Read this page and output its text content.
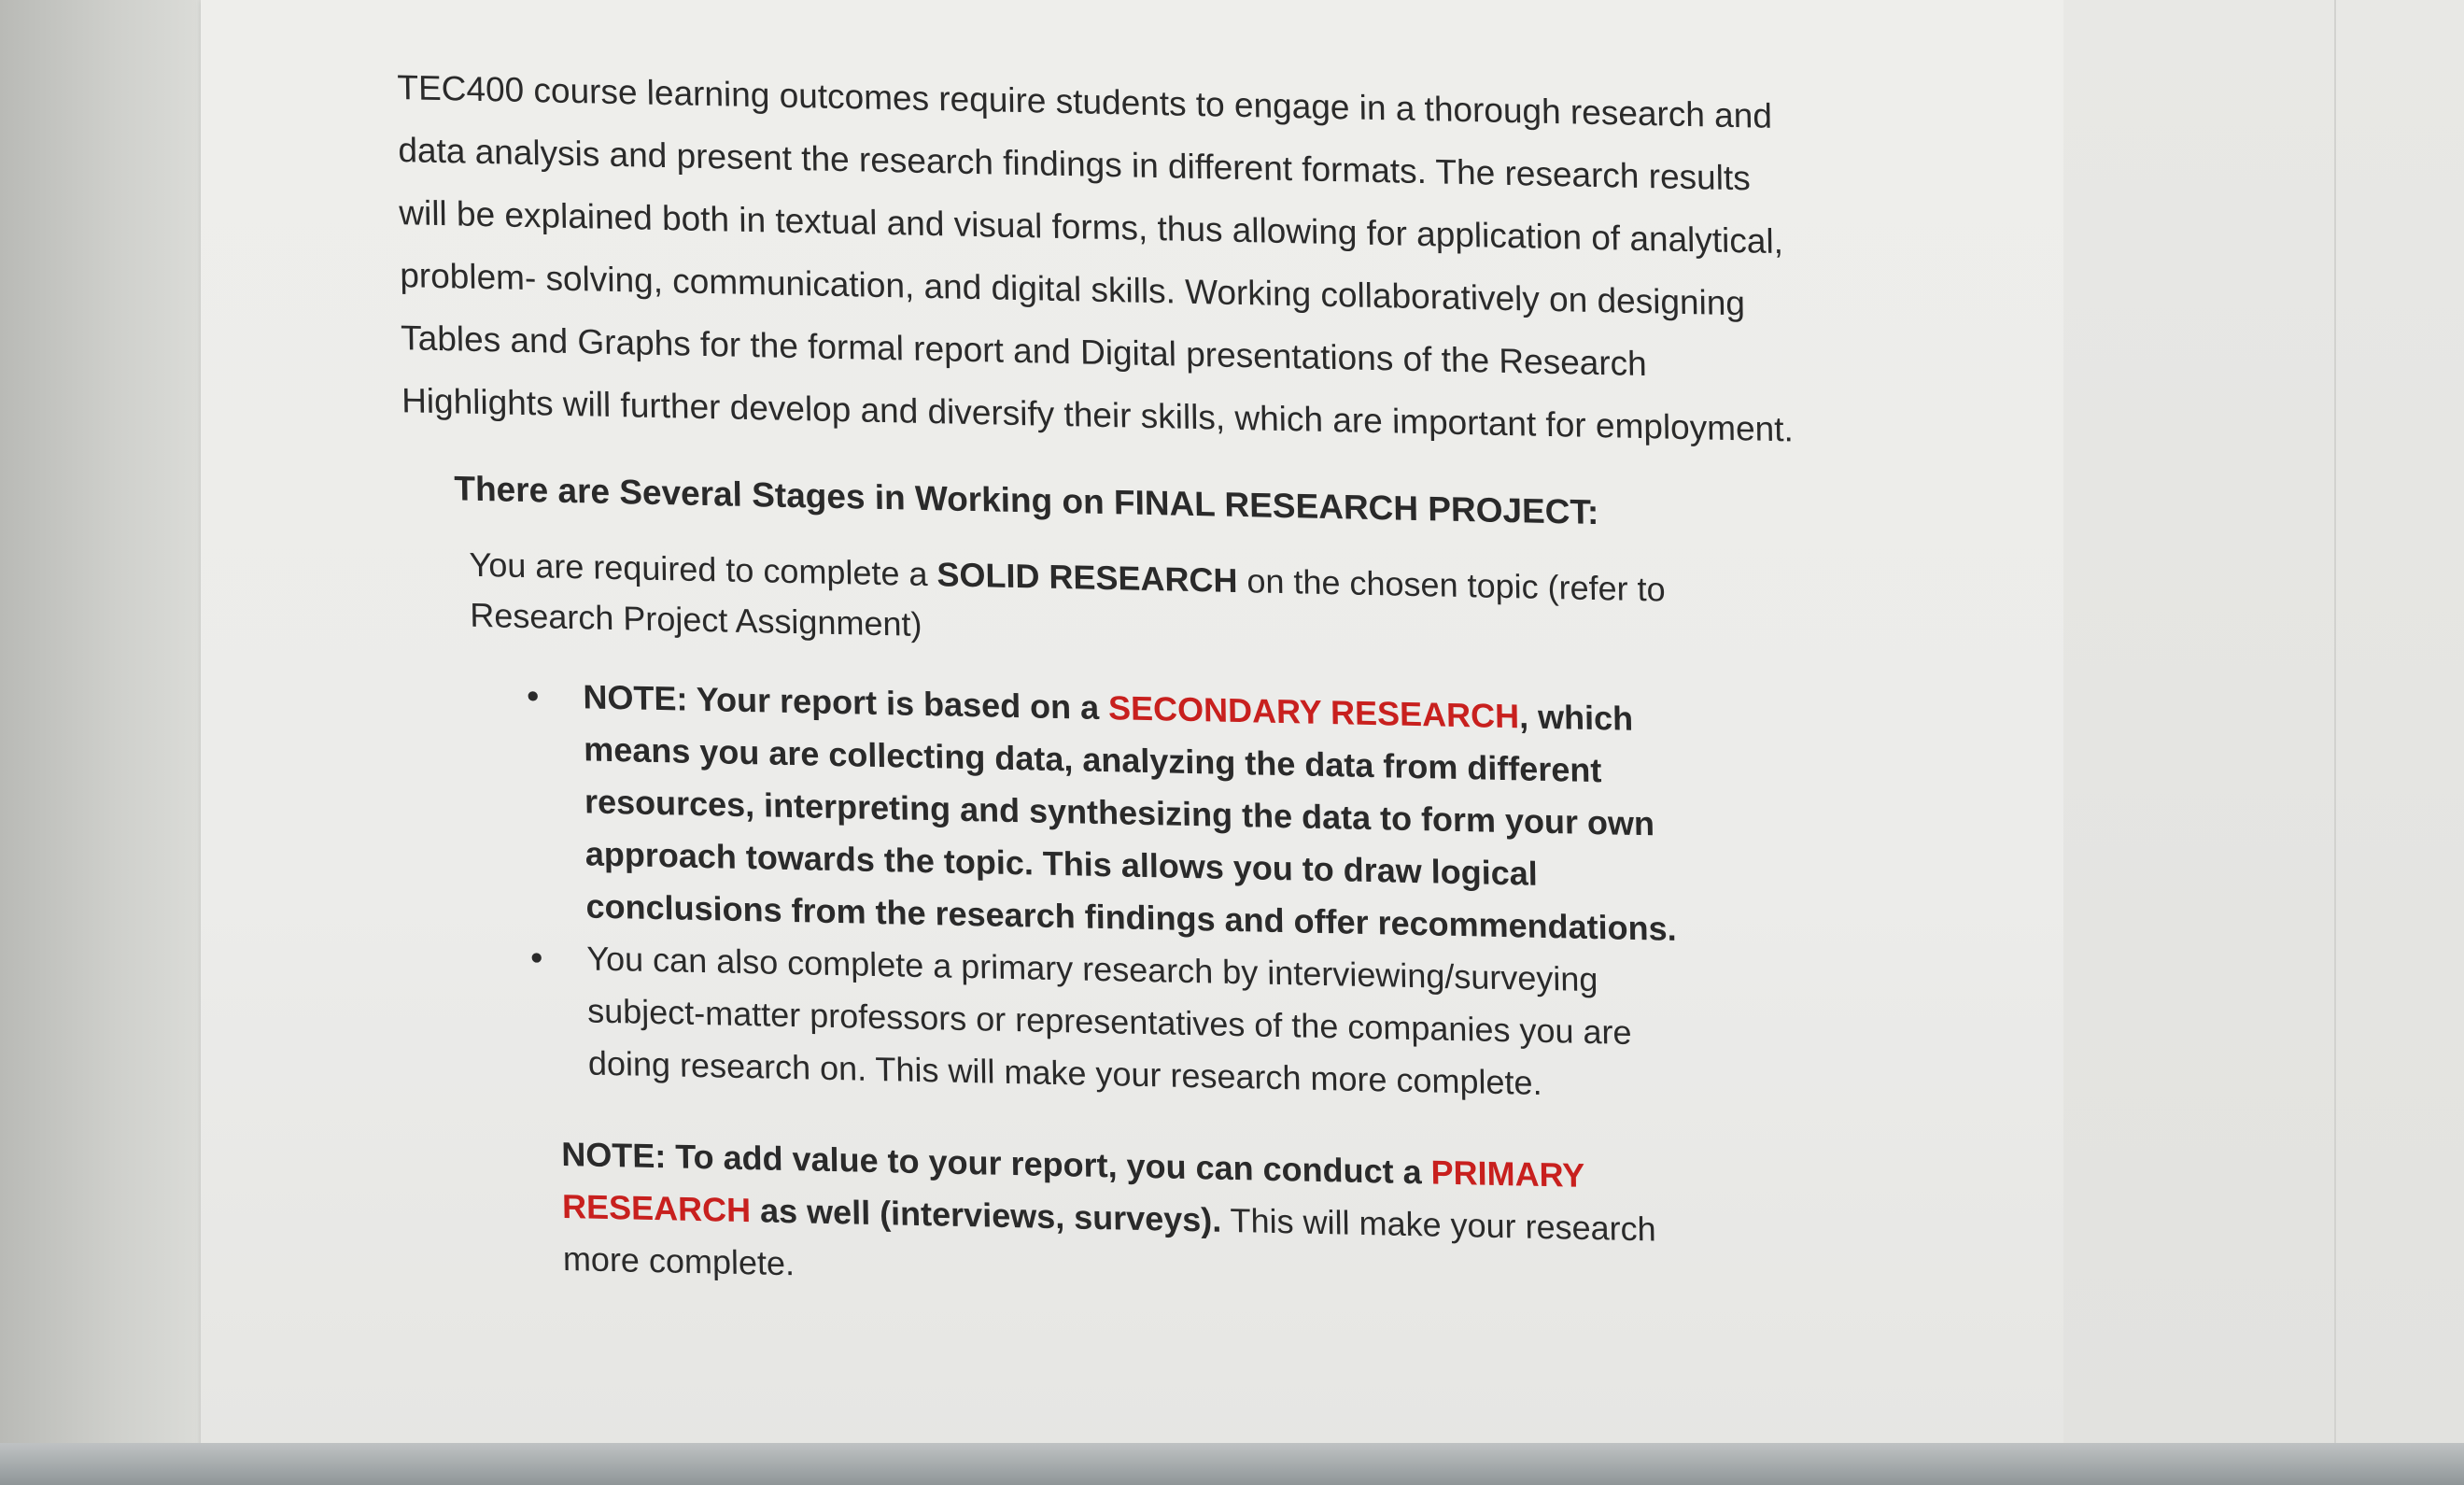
TEC400 course learning outcomes require students to engage in a thorough research and data analysis and present the research findings in different formats. The research results will be explained both in textual and visual forms, thus allowing for application of analytical, problem- solving, communication, and digital skills. Working collaboratively on designing Tables and Graphs for the formal report and Digital presentations of the Research Highlights will further develop and diversify their skills, which are important for employment.

There are Several Stages in Working on FINAL RESEARCH PROJECT:

You are required to complete a SOLID RESEARCH on the chosen topic (refer to Research Project Assignment)

• NOTE: Your report is based on a SECONDARY RESEARCH, which means you are collecting data, analyzing the data from different resources, interpreting and synthesizing the data to form your own approach towards the topic. This allows you to draw logical conclusions from the research findings and offer recommendations.
• You can also complete a primary research by interviewing/surveying subject-matter professors or representatives of the companies you are doing research on. This will make your research more complete.

NOTE: To add value to your report, you can conduct a PRIMARY RESEARCH as well (interviews, surveys). This will make your research more complete.
